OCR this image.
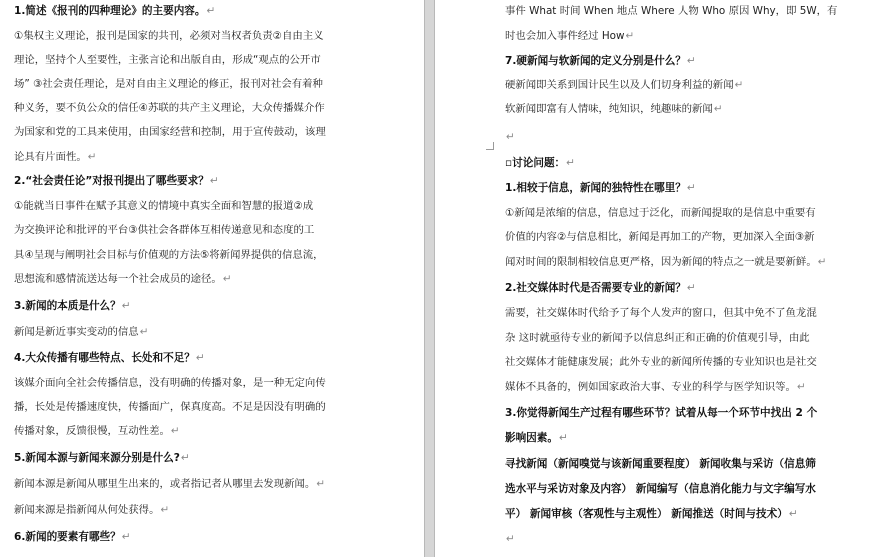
1.简述《报刊的四种理论》的主要内容。↵
①集权主义理论，报刊是国家的共刊，必须对当权者负责②自由主义
理论，坚持个人至要性，主张言论和出版自由，形成“观点的公开市
场” ③社会责任理论，是对自由主义理论的修正，报刊对社会有着种
种义务，要不负公众的信任④苏联的共产主义理论，大众传播媒介作
为国家和党的工具来使用，由国家经营和控制，用于宣传鼓动，该理
论具有片面性。↵
2.“社会责任论”对报刊提出了哪些要求？↵
①能就当日事件在赋予其意义的情境中真实全面和智慧的报道②成
为交换评论和批评的平台③供社会各群体互相传递意见和态度的工
具④呈现与阐明社会目标与价值观的方法⑤将新闻界提供的信息流，
思想流和感情流送达每一个社会成员的途径。↵
3.新闻的本质是什么？↵
新闻是新近事实变动的信息↵
4.大众传播有哪些特点、长处和不足？↵
该媒介面向全社会传播信息，没有明确的传播对象，是一种无定向传
播，长处是传播速度快，传播面广，保真度高。不足是因没有明确的
传播对象，反馈很慢，互动性差。↵
5.新闻本源与新闻来源分别是什么?↵
新闻本源是新闻从哪里生出来的，或者指记者从哪里去发现新闻。↵
新闻来源是指新闻从何处获得。↵
6.新闻的要素有哪些？↵
事件 What 时间 When 地点 Where 人物 Who 原因 Why，即 5W，有
时也会加入事件经过 How↵
7.硬新闻与软新闻的定义分别是什么？↵
硬新闻即关系到国计民生以及人们切身利益的新闻↵
软新闻即富有人情味，纯知识，纯趣味的新闻↵
↵
▫讨论问题：↵
1.相较于信息，新闻的独特性在哪里？↵
①新闻是浓缩的信息，信息过于泛化，而新闻提取的是信息中重要有
价值的内容②与信息相比，新闻是再加工的产物，更加深入全面③新
闻对时间的限制相较信息更严格，因为新闻的特点之一就是要新鲜。↵
2.社交媒体时代是否需要专业的新闻？↵
需要，社交媒体时代给予了每个人发声的窗口，但其中免不了鱼龙混
杂 这时就亟待专业的新闻予以信息纠正和正确的价值观引导，由此
社交媒体才能健康发展；此外专业的新闻所传播的专业知识也是社交
媒体不具备的，例如国家政治大事、专业的科学与医学知识等。↵
3.你觉得新闻生产过程有哪些环节？试着从每一个环节中找出 2 个
影响因素。↵
寻找新闻（新闻嗅觉与该新闻重要程度） 新闻收集与采访（信息筛
选水平与采访对象及内容） 新闻编写（信息消化能力与文字编写水
平） 新闻审核（客观性与主观性） 新闻推送（时间与技术）↵
↵
